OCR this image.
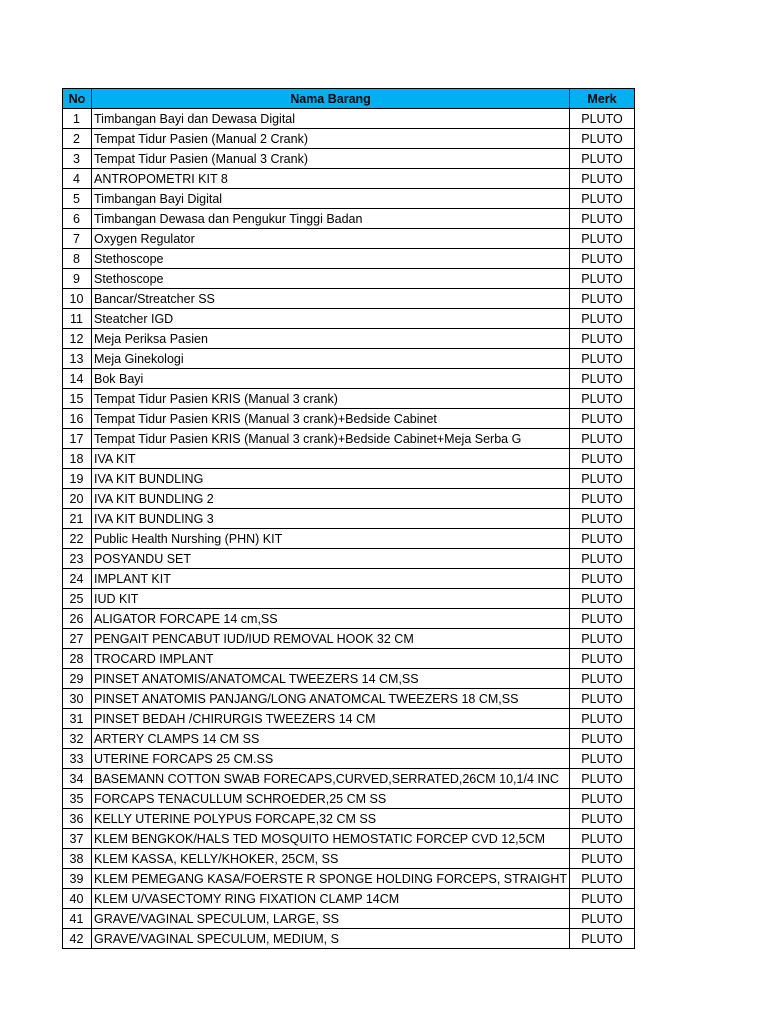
No	Nama Barang	Merk
1	Timbangan Bayi dan Dewasa Digital	PLUTO
2	Tempat Tidur Pasien (Manual 2 Crank)	PLUTO
3	Tempat Tidur Pasien (Manual 3 Crank)	PLUTO
4	ANTROPOMETRI KIT 8	PLUTO
5	Timbangan Bayi Digital	PLUTO
6	Timbangan Dewasa dan Pengukur Tinggi Badan	PLUTO
7	Oxygen Regulator	PLUTO
8	Stethoscope	PLUTO
9	Stethoscope	PLUTO
10	Bancar/Streatcher SS	PLUTO
11	Steatcher IGD	PLUTO
12	Meja Periksa Pasien	PLUTO
13	Meja Ginekologi	PLUTO
14	Bok Bayi	PLUTO
15	Tempat Tidur Pasien KRIS (Manual 3 crank)	PLUTO
16	Tempat Tidur Pasien KRIS (Manual 3 crank)+Bedside Cabinet	PLUTO
17	Tempat Tidur Pasien KRIS (Manual 3 crank)+Bedside Cabinet+Meja Serba G	PLUTO
18	IVA KIT	PLUTO
19	IVA KIT BUNDLING	PLUTO
20	IVA KIT BUNDLING 2	PLUTO
21	IVA KIT BUNDLING 3	PLUTO
22	Public Health Nurshing (PHN) KIT	PLUTO
23	POSYANDU SET	PLUTO
24	IMPLANT KIT	PLUTO
25	IUD KIT	PLUTO
26	ALIGATOR FORCAPE 14 cm,SS	PLUTO
27	PENGAIT PENCABUT IUD/IUD REMOVAL HOOK 32 CM	PLUTO
28	TROCARD IMPLANT	PLUTO
29	PINSET ANATOMIS/ANATOMCAL TWEEZERS 14 CM,SS	PLUTO
30	PINSET ANATOMIS PANJANG/LONG ANATOMCAL TWEEZERS 18 CM,SS	PLUTO
31	PINSET BEDAH /CHIRURGIS TWEEZERS 14 CM	PLUTO
32	ARTERY CLAMPS 14 CM SS	PLUTO
33	UTERINE FORCAPS 25 CM.SS	PLUTO
34	BASEMANN COTTON SWAB FORECAPS,CURVED,SERRATED,26CM 10,1/4 INC	PLUTO
35	FORCAPS TENACULLUM SCHROEDER,25 CM SS	PLUTO
36	KELLY UTERINE POLYPUS FORCAPE,32 CM SS	PLUTO
37	KLEM BENGKOK/HALS TED MOSQUITO HEMOSTATIC FORCEP CVD 12,5CM	PLUTO
38	KLEM KASSA, KELLY/KHOKER, 25CM, SS	PLUTO
39	KLEM PEMEGANG KASA/FOERSTE R SPONGE HOLDING FORCEPS, STRAIGHT	PLUTO
40	KLEM U/VASECTOMY RING FIXATION CLAMP 14CM	PLUTO
41	GRAVE/VAGINAL SPECULUM, LARGE, SS	PLUTO
42	GRAVE/VAGINAL SPECULUM, MEDIUM, S	PLUTO
